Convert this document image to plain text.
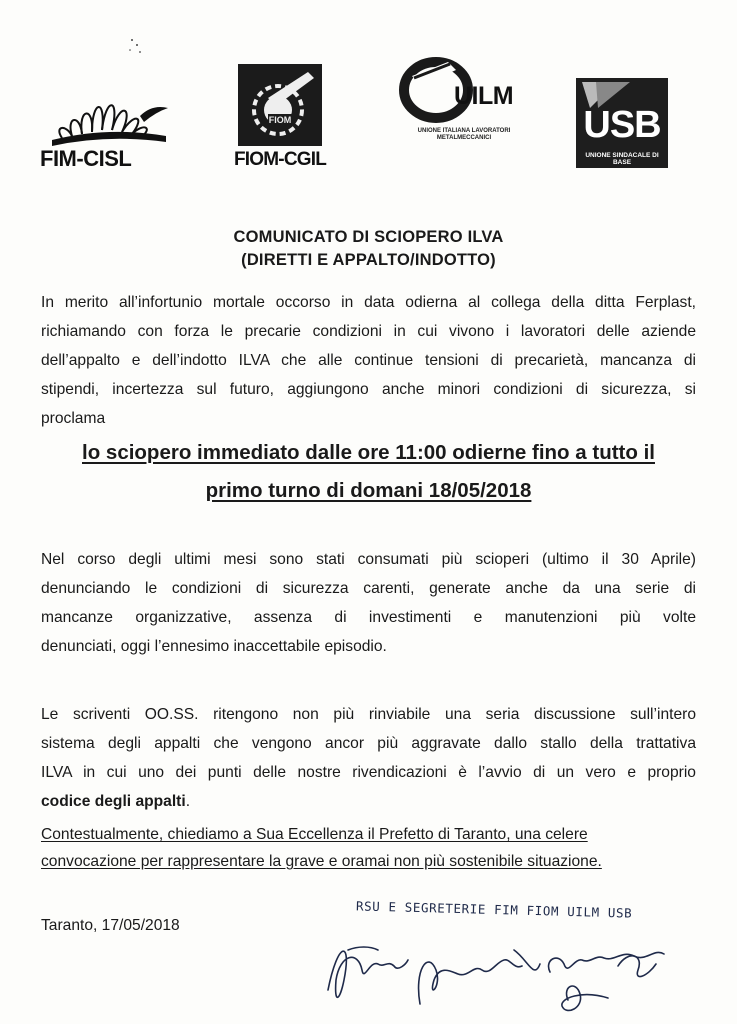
FIM-CISL
FIOM
FIOM-CGIL
UILM
UNIONE ITALIANA LAVORATORI METALMECCANICI	USB
UNIONE SINDACALE DI BASE
COMUNICATO DI SCIOPERO ILVA
(DIRETTI E APPALTO/INDOTTO)
In merito all’infortunio mortale occorso in data odierna al collega della ditta Ferplast,
richiamando con forza le precarie condizioni in cui vivono i lavoratori delle aziende
dell’appalto e dell’indotto ILVA che alle continue tensioni di precarietà, mancanza di
stipendi, incertezza sul futuro, aggiungono anche minori condizioni di sicurezza, si
proclama
lo sciopero immediato dalle ore 11:00 odierne fino a tutto il
primo turno di domani 18/05/2018
Nel corso degli ultimi mesi sono stati consumati più scioperi (ultimo il 30 Aprile)
denunciando le condizioni di sicurezza carenti, generate anche da una serie di
mancanze organizzative, assenza di investimenti e manutenzioni più volte
denunciati, oggi l’ennesimo inaccettabile episodio.
Le scriventi OO.SS. ritengono non più rinviabile una seria discussione sull’intero
sistema degli appalti che vengono ancor più aggravate dallo stallo della trattativa
ILVA in cui uno dei punti delle nostre rivendicazioni è l’avvio di un vero e proprio
codice degli appalti.
Contestualmente, chiediamo a Sua Eccellenza il Prefetto di Taranto, una celere
convocazione per rappresentare la grave e oramai non più sostenibile situazione.
Taranto, 17/05/2018
RSU E SEGRETERIE FIM FIOM UILM USB
